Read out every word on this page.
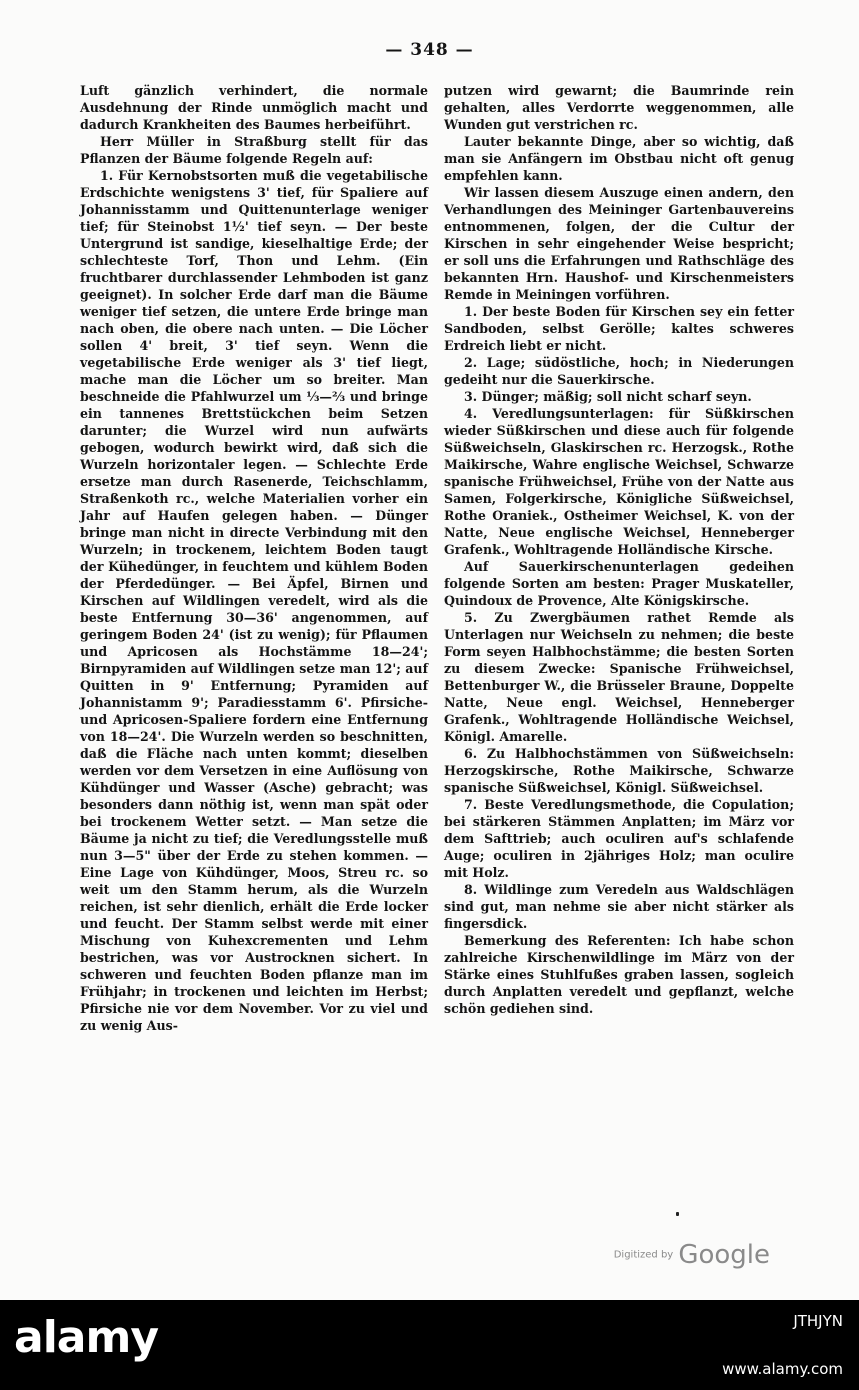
— 348 —

Luft gänzlich verhindert, die normale Ausdehnung der Rinde unmöglich macht und dadurch Krankheiten des Baumes herbeiführt.

Herr Müller in Straßburg stellt für das Pflanzen der Bäume folgende Regeln auf:

1. Für Kernobstsorten muß die vegetabilische Erdschichte wenigstens 3' tief, für Spaliere auf Johannisstamm und Quittenunterlage weniger tief; für Steinobst 1½' tief seyn. — Der beste Untergrund ist sandige, kieselhaltige Erde; der schlechteste Torf, Thon und Lehm. (Ein fruchtbarer durchlassender Lehmboden ist ganz geeignet). In solcher Erde darf man die Bäume weniger tief setzen, die untere Erde bringe man nach oben, die obere nach unten. — Die Löcher sollen 4' breit, 3' tief seyn. Wenn die vegetabilische Erde weniger als 3' tief liegt, mache man die Löcher um so breiter. Man beschneide die Pfahlwurzel um ⅓—⅔ und bringe ein tannenes Brettstückchen beim Setzen darunter; die Wurzel wird nun aufwärts gebogen, wodurch bewirkt wird, daß sich die Wurzeln horizontaler legen. — Schlechte Erde ersetze man durch Rasenerde, Teichschlamm, Straßenkoth rc., welche Materialien vorher ein Jahr auf Haufen gelegen haben. — Dünger bringe man nicht in directe Verbindung mit den Wurzeln; in trockenem, leichtem Boden taugt der Kühedünger, in feuchtem und kühlem Boden der Pferdedünger. — Bei Äpfel, Birnen und Kirschen auf Wildlingen veredelt, wird als die beste Entfernung 30—36' angenommen, auf geringem Boden 24' (ist zu wenig); für Pflaumen und Apricosen als Hochstämme 18—24'; Birnpyramiden auf Wildlingen setze man 12'; auf Quitten in 9' Entfernung; Pyramiden auf Johannistamm 9'; Paradiesstamm 6'. Pfirsiche- und Apricosen-Spaliere fordern eine Entfernung von 18—24'. Die Wurzeln werden so beschnitten, daß die Fläche nach unten kommt; dieselben werden vor dem Versetzen in eine Auflösung von Kühdünger und Wasser (Asche) gebracht; was besonders dann nöthig ist, wenn man spät oder bei trockenem Wetter setzt. — Man setze die Bäume ja nicht zu tief; die Veredlungsstelle muß nun 3—5" über der Erde zu stehen kommen. — Eine Lage von Kühdünger, Moos, Streu rc. so weit um den Stamm herum, als die Wurzeln reichen, ist sehr dienlich, erhält die Erde locker und feucht. Der Stamm selbst werde mit einer Mischung von Kuhexcrementen und Lehm bestrichen, was vor Austrocknen sichert. In schweren und feuchten Boden pflanze man im Frühjahr; in trockenen und leichten im Herbst; Pfirsiche nie vor dem November. Vor zu viel und zu wenig Aus-

putzen wird gewarnt; die Baumrinde rein gehalten, alles Verdorrte weggenommen, alle Wunden gut verstrichen rc.

Lauter bekannte Dinge, aber so wichtig, daß man sie Anfängern im Obstbau nicht oft genug empfehlen kann.

Wir lassen diesem Auszuge einen andern, den Verhandlungen des Meininger Gartenbauvereins entnommenen, folgen, der die Cultur der Kirschen in sehr eingehender Weise bespricht; er soll uns die Erfahrungen und Rathschläge des bekannten Hrn. Haushof- und Kirschenmeisters Remde in Meiningen vorführen.

1. Der beste Boden für Kirschen sey ein fetter Sandboden, selbst Gerölle; kaltes schweres Erdreich liebt er nicht.

2. Lage; südöstliche, hoch; in Niederungen gedeiht nur die Sauerkirsche.

3. Dünger; mäßig; soll nicht scharf seyn.

4. Veredlungsunterlagen: für Süßkirschen wieder Süßkirschen und diese auch für folgende Süßweichseln, Glaskirschen rc. Herzogsk., Rothe Maikirsche, Wahre englische Weichsel, Schwarze spanische Frühweichsel, Frühe von der Natte aus Samen, Folgerkirsche, Königliche Süßweichsel, Rothe Oraniek., Ostheimer Weichsel, K. von der Natte, Neue englische Weichsel, Henneberger Grafenk., Wohltragende Holländische Kirsche.

Auf Sauerkirschenunterlagen gedeihen folgende Sorten am besten: Prager Muskateller, Quindoux de Provence, Alte Königskirsche.

5. Zu Zwergbäumen rathet Remde als Unterlagen nur Weichseln zu nehmen; die beste Form seyen Halbhochstämme; die besten Sorten zu diesem Zwecke: Spanische Frühweichsel, Bettenburger W., die Brüsseler Braune, Doppelte Natte, Neue engl. Weichsel, Henneberger Grafenk., Wohltragende Holländische Weichsel, Königl. Amarelle.

6. Zu Halbhochstämmen von Süßweichseln: Herzogskirsche, Rothe Maikirsche, Schwarze spanische Süßweichsel, Königl. Süßweichsel.

7. Beste Veredlungsmethode, die Copulation; bei stärkeren Stämmen Anplatten; im März vor dem Safttrieb; auch oculiren auf's schlafende Auge; oculiren in 2jähriges Holz; man oculire mit Holz.

8. Wildlinge zum Veredeln aus Waldschlägen sind gut, man nehme sie aber nicht stärker als fingersdick.

Bemerkung des Referenten: Ich habe schon zahlreiche Kirschenwildlinge im März von der Stärke eines Stuhlfußes graben lassen, sogleich durch Anplatten veredelt und gepflanzt, welche schön gediehen sind.

Digitized by Google
alamy	JTHJYN
www.alamy.com
